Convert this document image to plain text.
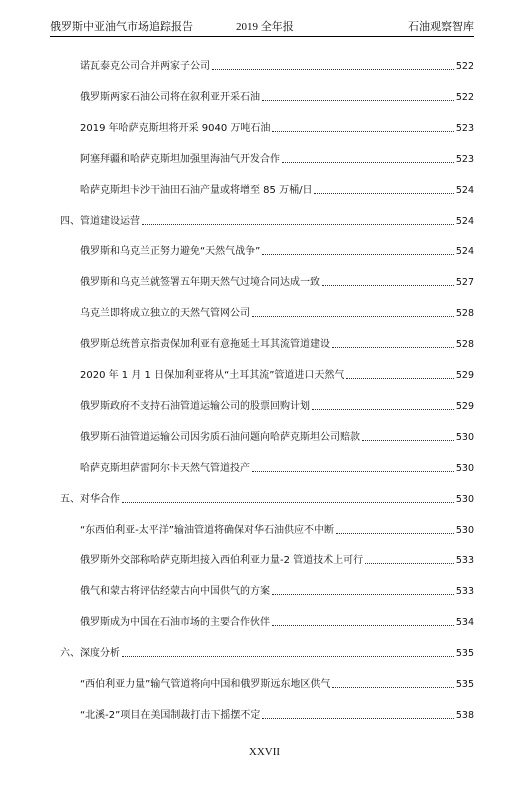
俄罗斯中亚油气市场追踪报告	2019 全年报	石油观察智库
诺瓦泰克公司合并两家子公司	522
俄罗斯两家石油公司将在叙利亚开采石油	522
2019 年哈萨克斯坦将开采 9040 万吨石油	523
阿塞拜疆和哈萨克斯坦加强里海油气开发合作	523
哈萨克斯坦卡沙干油田石油产量或将增至 85 万桶/日	524
四、管道建设运营	524
俄罗斯和乌克兰正努力避免“天然气战争”	524
俄罗斯和乌克兰就签署五年期天然气过境合同达成一致	527
乌克兰即将成立独立的天然气管网公司	528
俄罗斯总统普京指责保加利亚有意拖延土耳其流管道建设	528
2020 年 1 月 1 日保加利亚将从“土耳其流”管道进口天然气	529
俄罗斯政府不支持石油管道运输公司的股票回购计划	529
俄罗斯石油管道运输公司因劣质石油问题向哈萨克斯坦公司赔款	530
哈萨克斯坦萨雷阿尔卡天然气管道投产	530
五、对华合作	530
“东西伯利亚-太平洋”输油管道将确保对华石油供应不中断	530
俄罗斯外交部称哈萨克斯坦接入西伯利亚力量-2 管道技术上可行	533
俄气和蒙古将评估经蒙古向中国供气的方案	533
俄罗斯成为中国在石油市场的主要合作伙伴	534
六、深度分析	535
“西伯利亚力量”输气管道将向中国和俄罗斯远东地区供气	535
“北溪-2”项目在美国制裁打击下摇摆不定	538
XXVII
